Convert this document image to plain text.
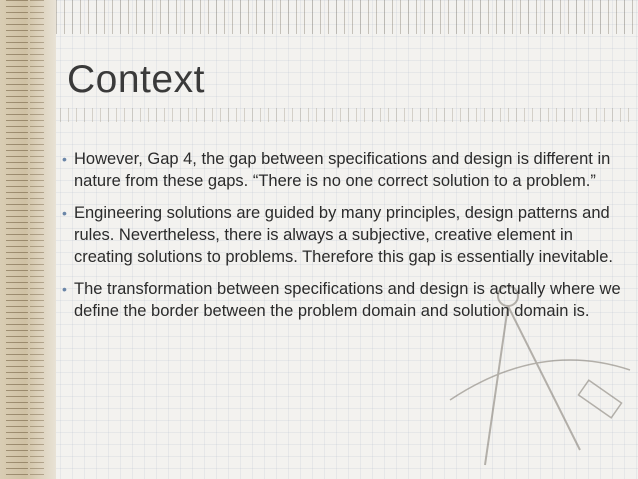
Context
• However, Gap 4, the gap between specifications and design is different in nature from these gaps. “There is no one correct solution to a problem.”
• Engineering solutions are guided by many principles, design patterns and rules. Nevertheless, there is always a subjective, creative element in creating solutions to problems. Therefore this gap is essentially inevitable.
• The transformation between specifications and design is actually where we define the border between the problem domain and solution domain is.
